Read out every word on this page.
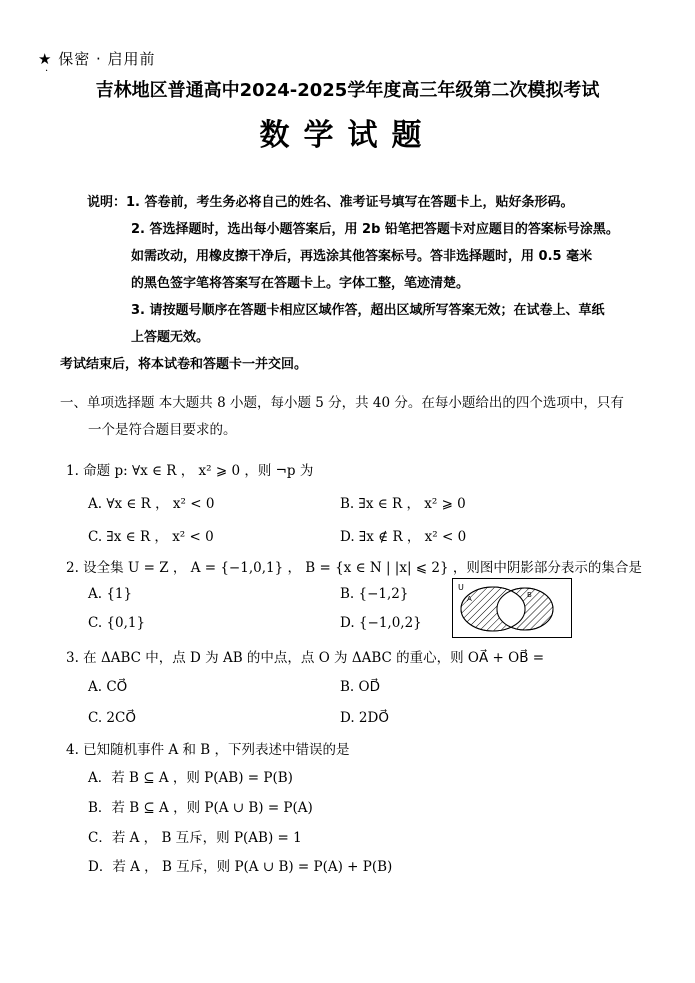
★ 保密 · 启用前
·
吉林地区普通高中2024-2025学年度高三年级第二次模拟考试
数学试题
说明：1. 答卷前，考生务必将自己的姓名、准考证号填写在答题卡上，贴好条形码。
2. 答选择题时，选出每小题答案后，用 2b 铅笔把答题卡对应题目的答案标号涂黑。
如需改动，用橡皮擦干净后，再选涂其他答案标号。答非选择题时，用 0.5 毫米
的黑色签字笔将答案写在答题卡上。字体工整，笔迹清楚。
3. 请按题号顺序在答题卡相应区域作答，超出区域所写答案无效；在试卷上、草纸
上答题无效。
考试结束后，将本试卷和答题卡一并交回。
一、单项选择题 本大题共 8 小题，每小题 5 分，共 40 分。在每小题给出的四个选项中，只有
一个是符合题目要求的。
1. 命题 p: ∀x ∈ R ， x² ⩾ 0 ，则 ¬p 为
A. ∀x ∈ R ， x² < 0	B. ∃x ∈ R ， x² ⩾ 0
C. ∃x ∈ R ， x² < 0	D. ∃x ∉ R ， x² < 0
2. 设全集 U = Z ， A = {−1,0,1} ， B = {x ∈ N | |x| ⩽ 2} ，则图中阴影部分表示的集合是
A. {1}	B. {−1,2}
C. {0,1}	D. {−1,0,2}
U
A	B
3. 在 ΔABC 中，点 D 为 AB 的中点，点 O 为 ΔABC 的重心，则 OA⃗ + OB⃗ =
A. CO⃗	B. OD⃗
C. 2CO⃗	D. 2DO⃗
4. 已知随机事件 A 和 B ，下列表述中错误的是
A．若 B ⊆ A ，则 P(AB) = P(B)
B．若 B ⊆ A ，则 P(A ∪ B) = P(A)
C．若 A ， B 互斥，则 P(AB) = 1
D．若 A ， B 互斥，则 P(A ∪ B) = P(A) + P(B)
